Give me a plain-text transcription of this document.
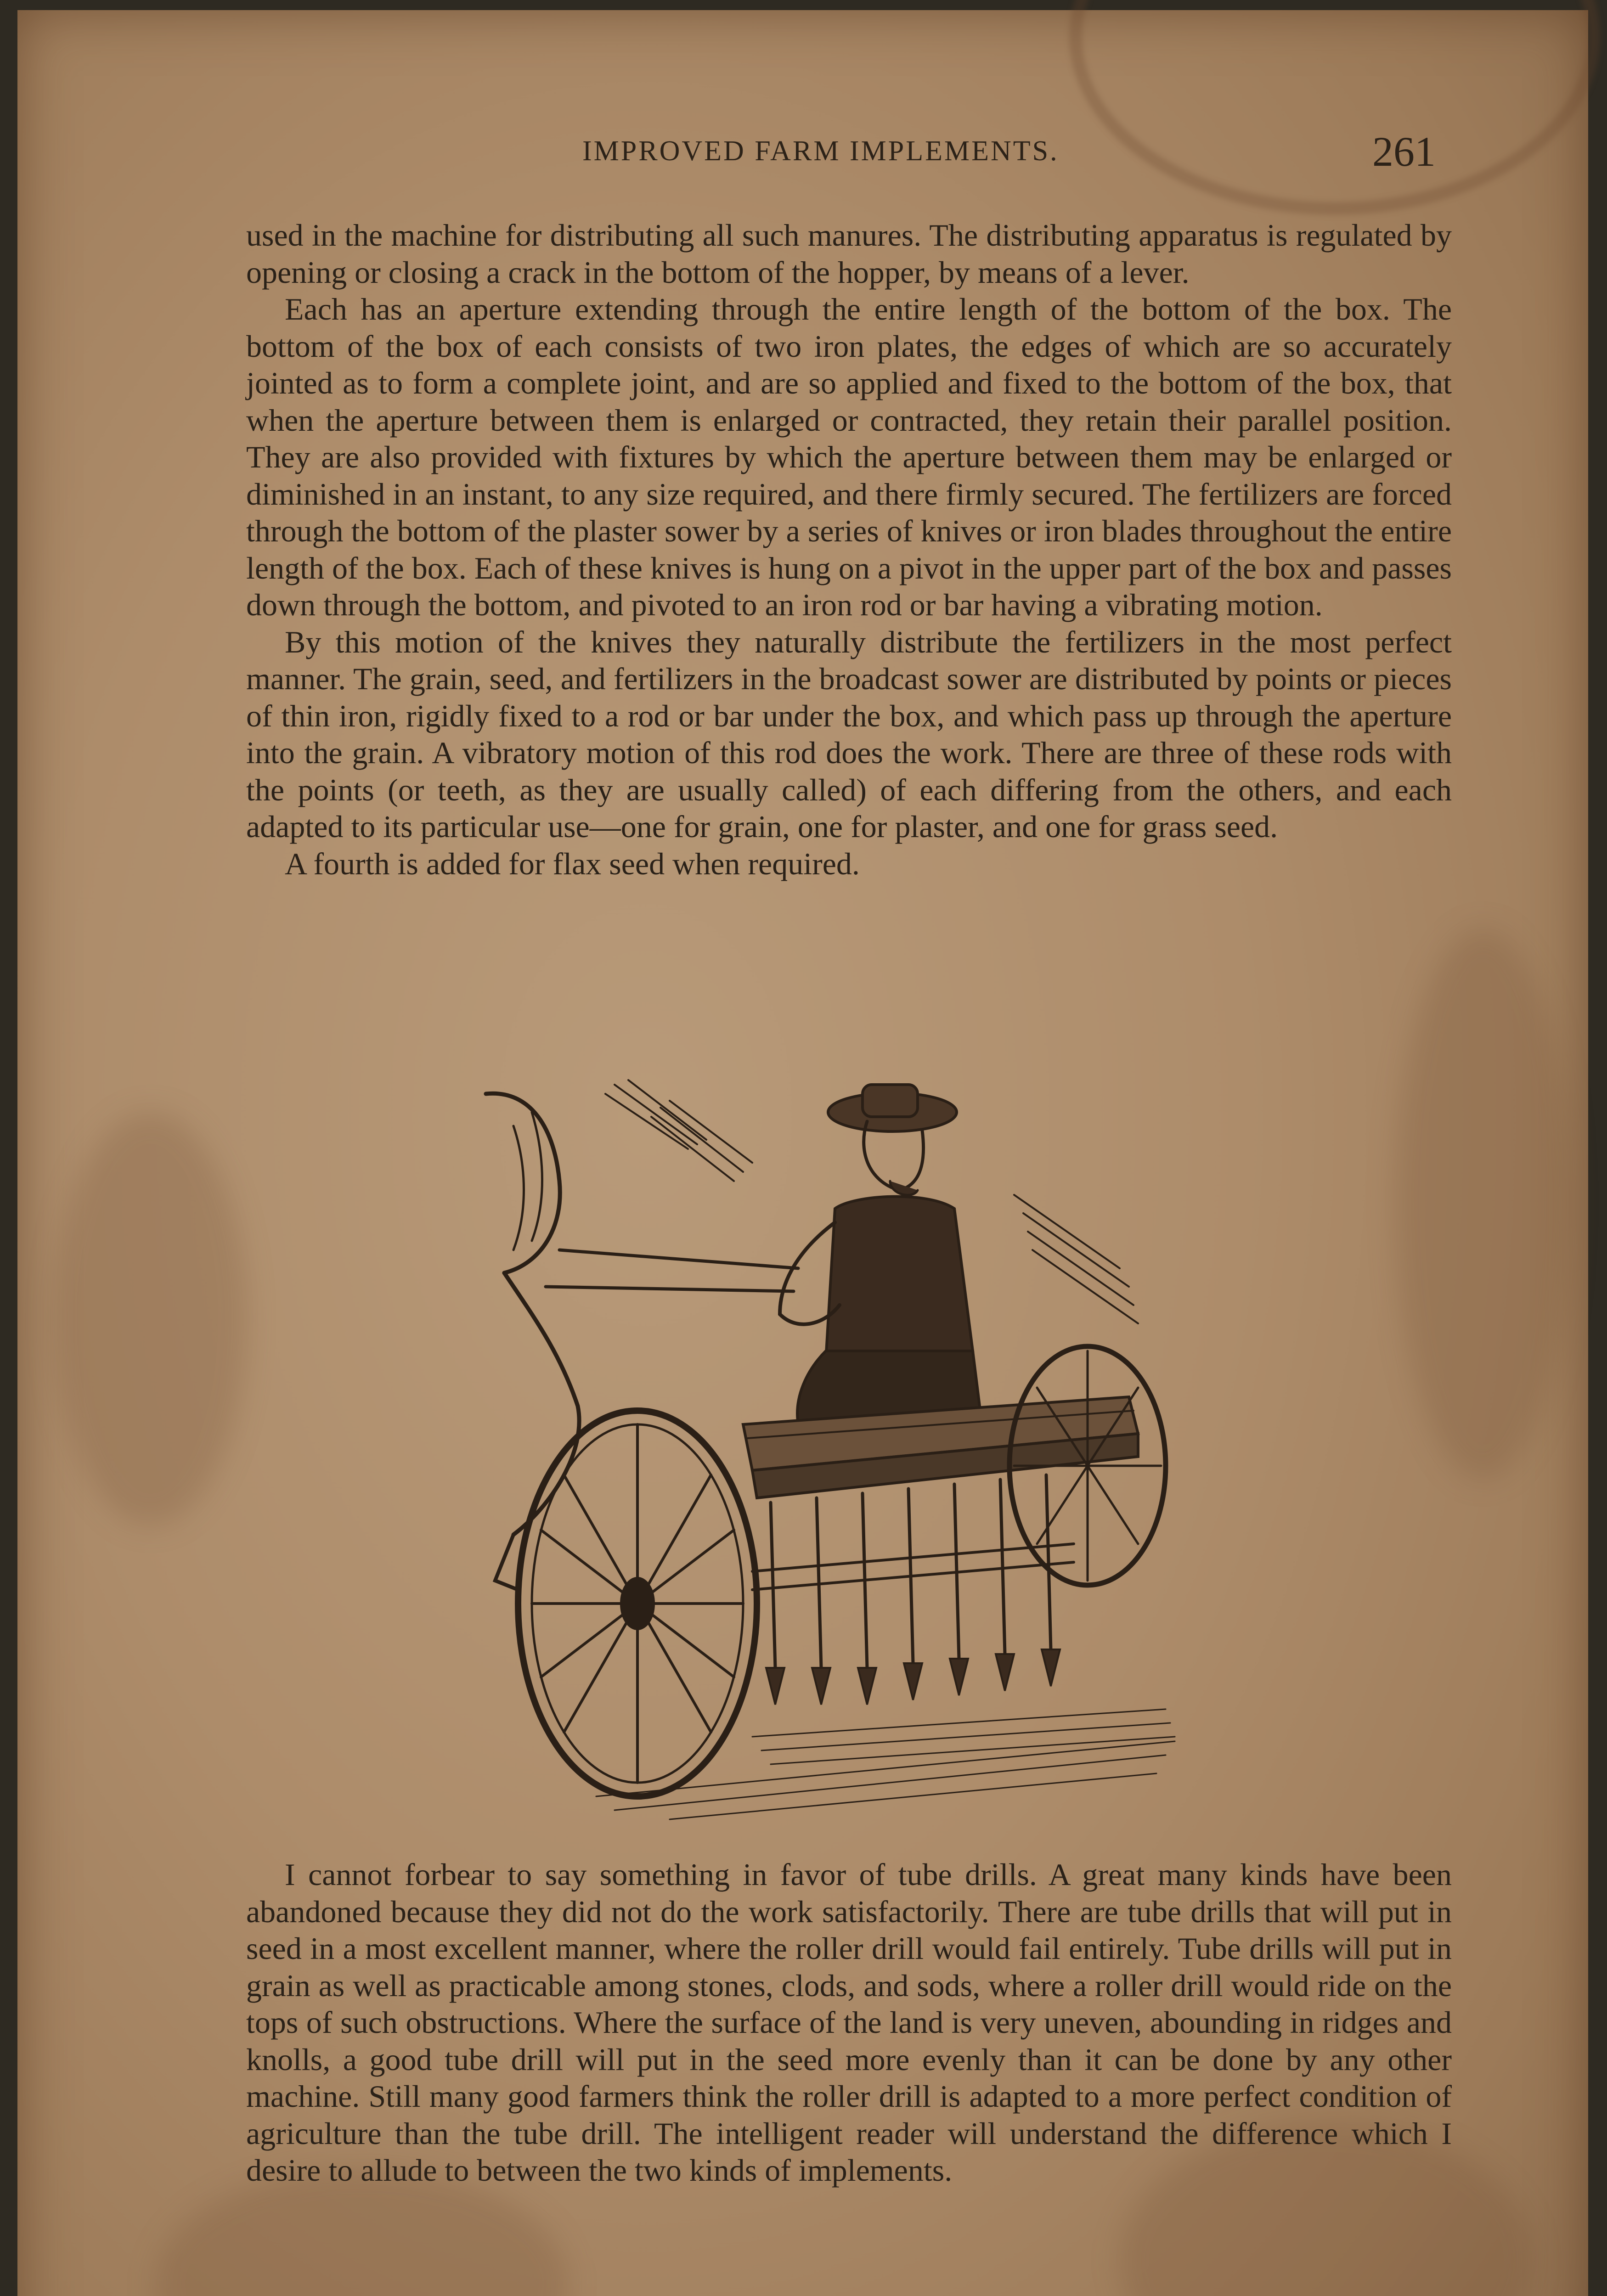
IMPROVED FARM IMPLEMENTS.	261

used in the machine for distributing all such manures. The distributing apparatus is regulated by opening or closing a crack in the bottom of the hopper, by means of a lever.

Each has an aperture extending through the entire length of the bottom of the box. The bottom of the box of each consists of two iron plates, the edges of which are so accurately jointed as to form a complete joint, and are so applied and fixed to the bottom of the box, that when the aperture between them is enlarged or contracted, they retain their parallel position. They are also provided with fixtures by which the aperture between them may be enlarged or diminished in an instant, to any size required, and there firmly secured. The fertilizers are forced through the bottom of the plaster sower by a series of knives or iron blades throughout the entire length of the box. Each of these knives is hung on a pivot in the upper part of the box and passes down through the bottom, and pivoted to an iron rod or bar having a vibrating motion.

By this motion of the knives they naturally distribute the fertilizers in the most perfect manner. The grain, seed, and fertilizers in the broadcast sower are distributed by points or pieces of thin iron, rigidly fixed to a rod or bar under the box, and which pass up through the aperture into the grain. A vibratory motion of this rod does the work. There are three of these rods with the points (or teeth, as they are usually called) of each differing from the others, and each adapted to its particular use—one for grain, one for plaster, and one for grass seed.

A fourth is added for flax seed when required.

I cannot forbear to say something in favor of tube drills. A great many kinds have been abandoned because they did not do the work satisfactorily. There are tube drills that will put in seed in a most excellent manner, where the roller drill would fail entirely. Tube drills will put in grain as well as practicable among stones, clods, and sods, where a roller drill would ride on the tops of such obstructions. Where the surface of the land is very uneven, abounding in ridges and knolls, a good tube drill will put in the seed more evenly than it can be done by any other machine. Still many good farmers think the roller drill is adapted to a more perfect condition of agriculture than the tube drill. The intelligent reader will understand the difference which I desire to allude to between the two kinds of implements.
